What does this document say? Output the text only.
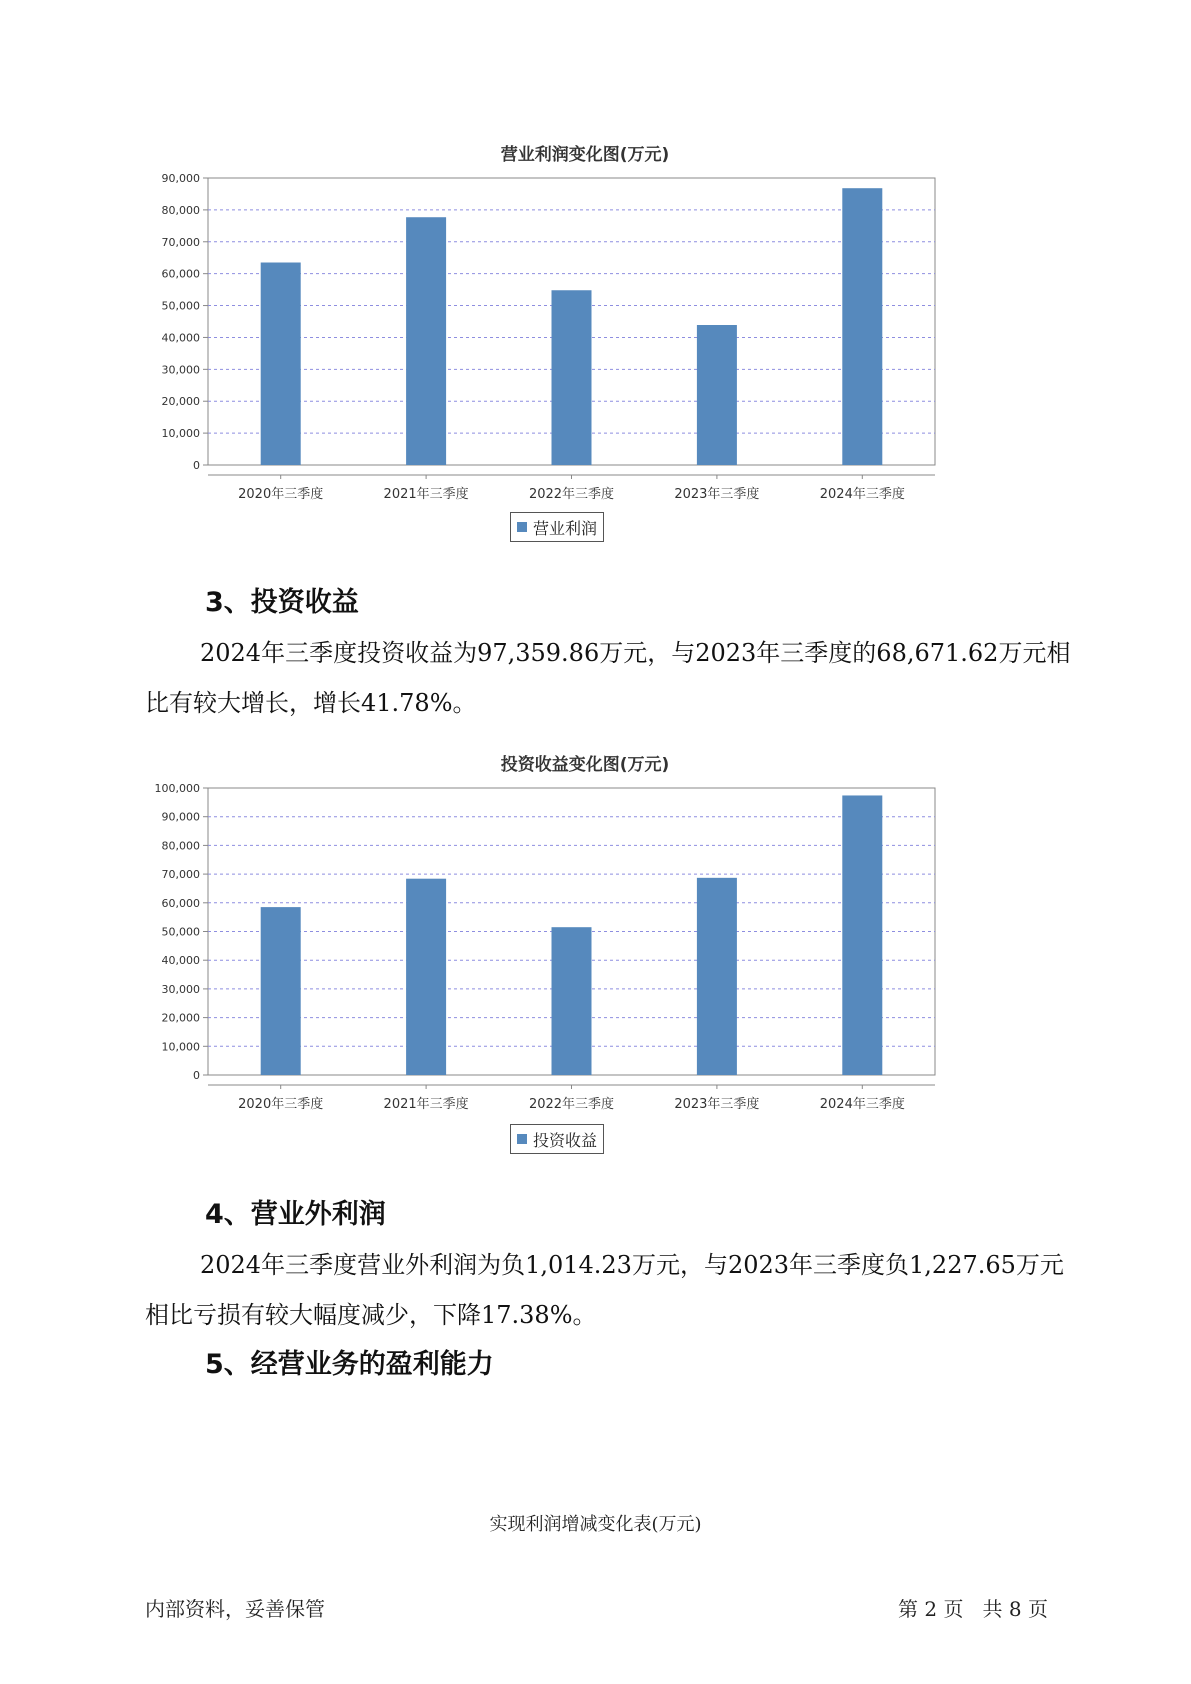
营业利润变化图(万元)
0
10,000
20,000
30,000
40,000
50,000
60,000
70,000
80,000
90,000
2020年三季度	2021年三季度	2022年三季度	2023年三季度	2024年三季度
营业利润
3、投资收益

2024年三季度投资收益为97,359.86万元，与2023年三季度的68,671.62万元相比有较大增长，增长41.78%。

投资收益变化图(万元)
0
10,000
20,000
30,000
40,000
50,000
60,000
70,000
80,000
90,000
100,000
2020年三季度	2021年三季度	2022年三季度	2023年三季度	2024年三季度
投资收益
4、营业外利润

2024年三季度营业外利润为负1,014.23万元，与2023年三季度负1,227.65万元相比亏损有较大幅度减少，下降17.38%。

5、经营业务的盈利能力
实现利润增减变化表(万元)
内部资料，妥善保管	第 2 页   共 8 页
